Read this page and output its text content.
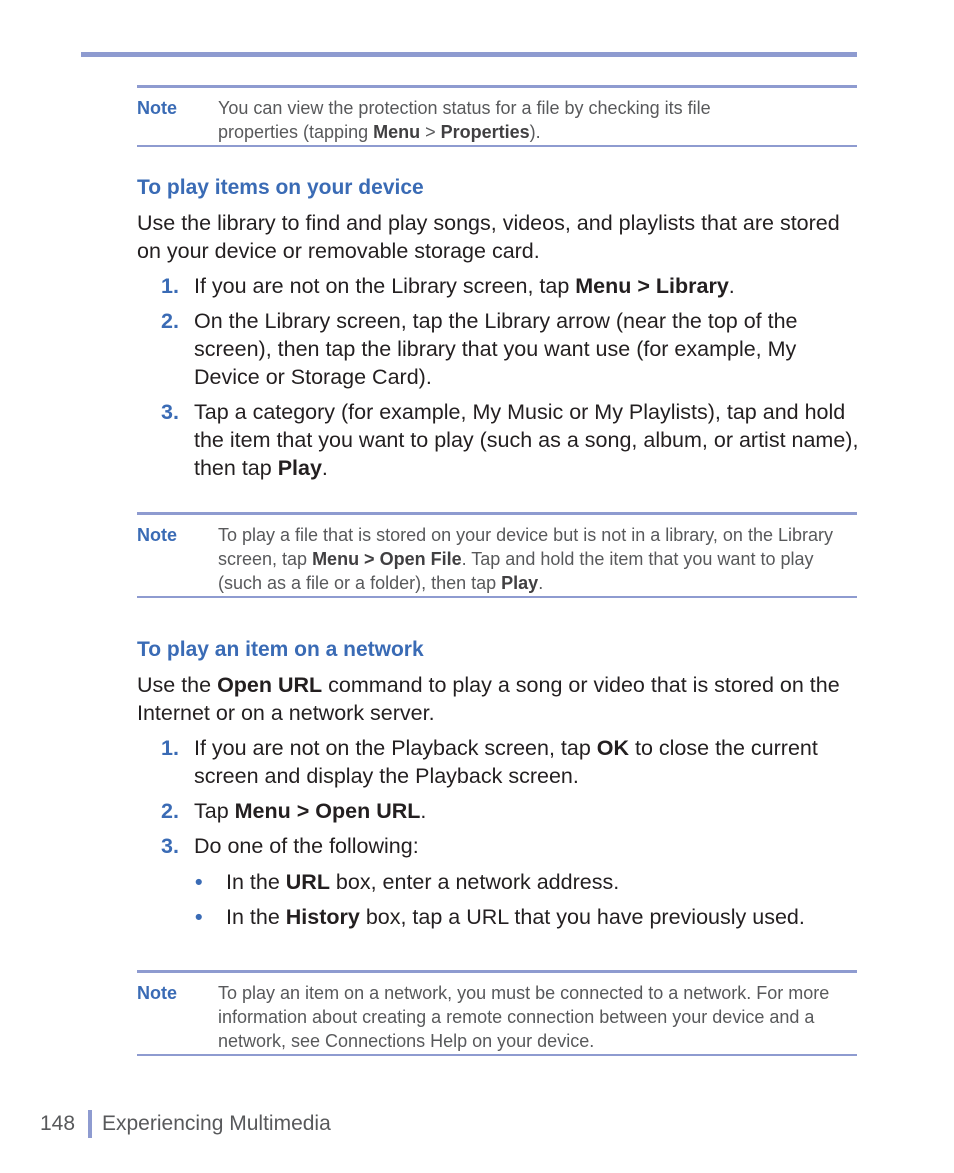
Note You can view the protection status for a file by checking its file
properties (tapping Menu > Properties).
To play items on your device

Use the library to find and play songs, videos, and playlists that are stored on your device or removable storage card.

1. If you are not on the Library screen, tap Menu > Library.
2. On the Library screen, tap the Library arrow (near the top of the screen), then tap the library that you want use (for example, My Device or Storage Card).
3. Tap a category (for example, My Music or My Playlists), tap and hold the item that you want to play (such as a song, album, or artist name), then tap Play.
Note To play a file that is stored on your device but is not in a library, on the Library screen, tap Menu > Open File. Tap and hold the item that you want to play (such as a file or a folder), then tap Play.
To play an item on a network

Use the Open URL command to play a song or video that is stored on the Internet or on a network server.

1. If you are not on the Playback screen, tap OK to close the current screen and display the Playback screen.
2. Tap Menu > Open URL.
3. Do one of the following:
• In the URL box, enter a network address.
• In the History box, tap a URL that you have previously used.
Note To play an item on a network, you must be connected to a network. For more information about creating a remote connection between your device and a network, see Connections Help on your device.
148 Experiencing Multimedia
